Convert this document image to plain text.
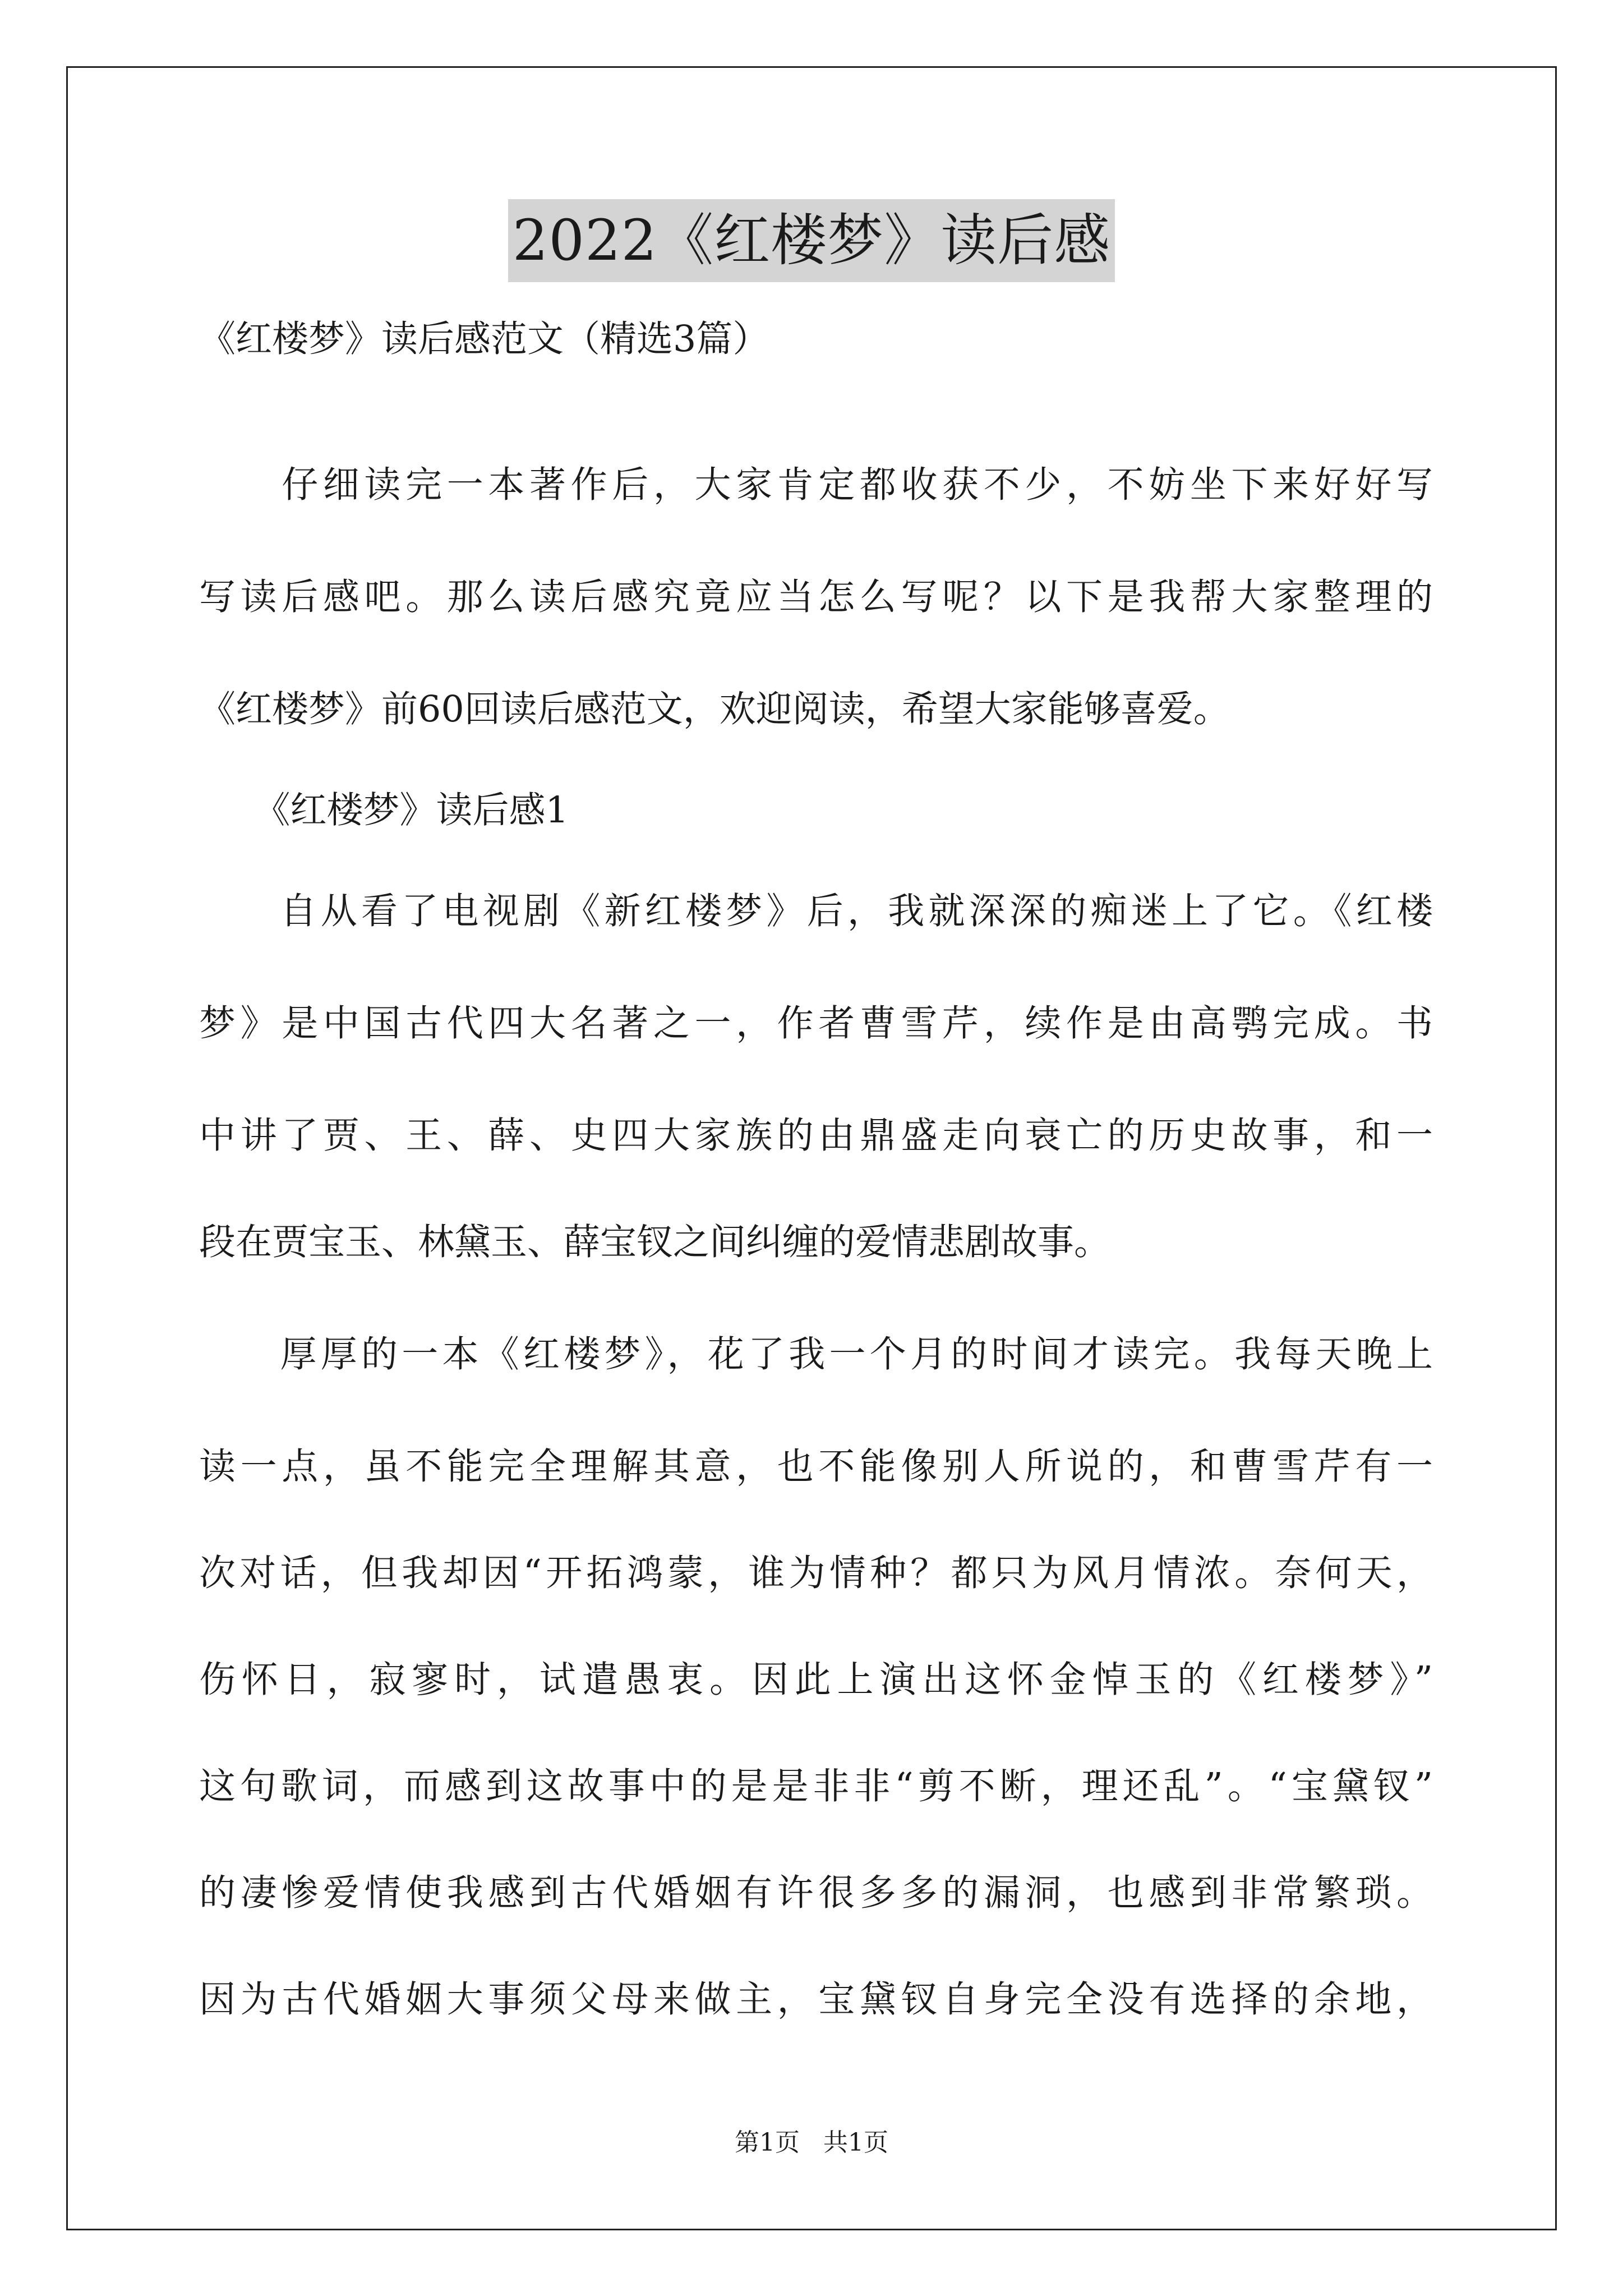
2022《红楼梦》读后感
《红楼梦》读后感范文（精选3篇）
　　仔细读完一本著作后，大家肯定都收获不少，不妨坐下来好好写
写读后感吧。那么读后感究竟应当怎么写呢？以下是我帮大家整理的
《红楼梦》前60回读后感范文，欢迎阅读，希望大家能够喜爱。
　　《红楼梦》读后感1
　　自从看了电视剧《新红楼梦》后，我就深深的痴迷上了它。《红楼
梦》是中国古代四大名著之一，作者曹雪芹，续作是由高鹗完成。书
中讲了贾、王、薛、史四大家族的由鼎盛走向衰亡的历史故事，和一
段在贾宝玉、林黛玉、薛宝钗之间纠缠的爱情悲剧故事。
　　厚厚的一本《红楼梦》，花了我一个月的时间才读完。我每天晚上
读一点，虽不能完全理解其意，也不能像别人所说的，和曹雪芹有一
次对话，但我却因“开拓鸿蒙，谁为情种？都只为风月情浓。奈何天，
伤怀日，寂寥时，试遣愚衷。因此上演出这怀金悼玉的《红楼梦》”
这句歌词，而感到这故事中的是是非非“剪不断，理还乱”。“宝黛钗”
的凄惨爱情使我感到古代婚姻有许很多多的漏洞，也感到非常繁琐。
因为古代婚姻大事须父母来做主，宝黛钗自身完全没有选择的余地，
第1页 共1页
